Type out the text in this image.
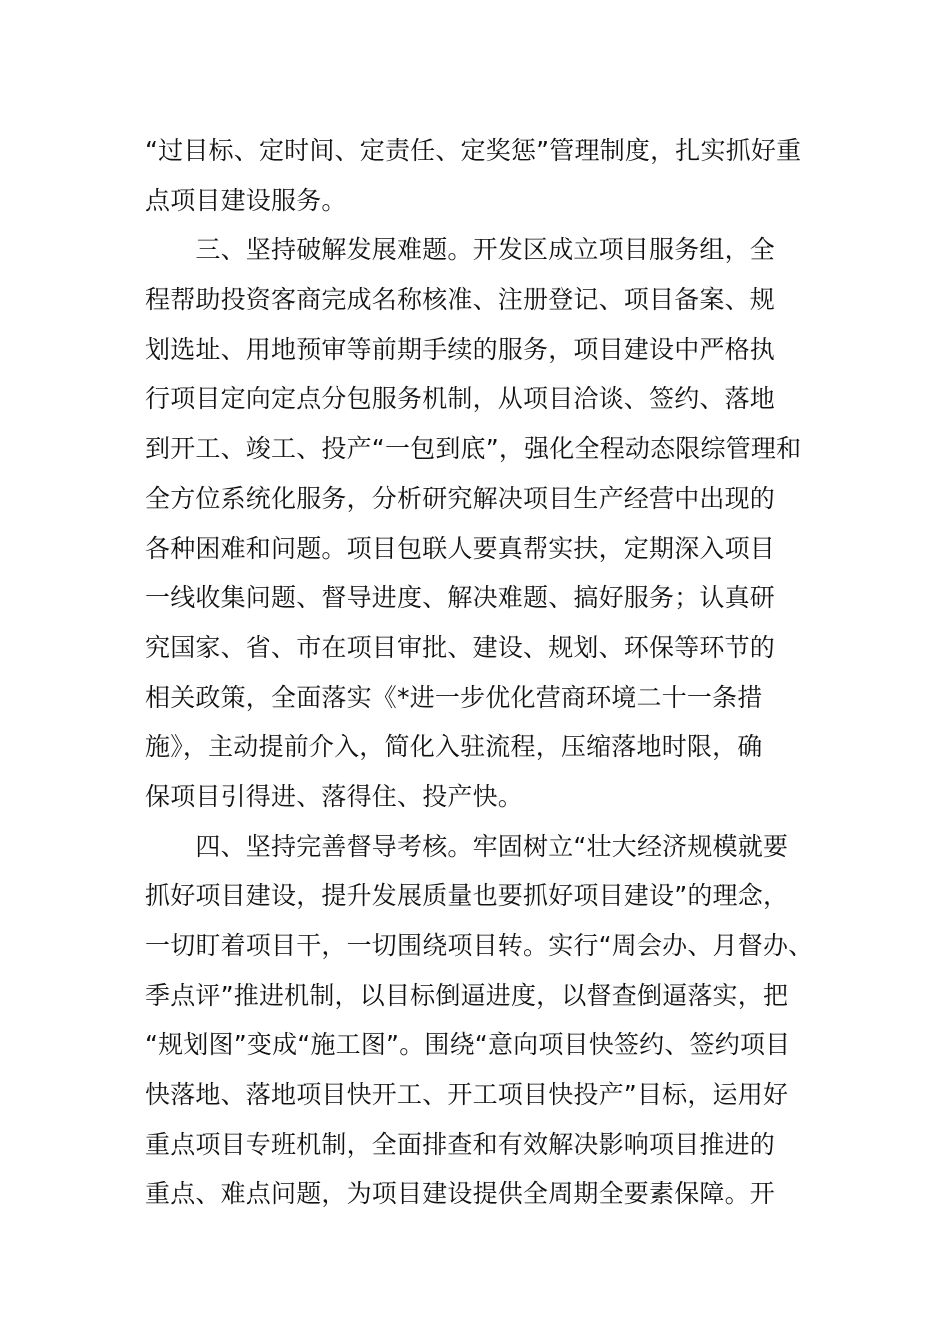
“过目标、定时间、定责任、定奖惩”管理制度，扎实抓好重
点项目建设服务。
　　三、坚持破解发展难题。开发区成立项目服务组，全
程帮助投资客商完成名称核准、注册登记、项目备案、规
划选址、用地预审等前期手续的服务，项目建设中严格执
行项目定向定点分包服务机制，从项目洽谈、签约、落地
到开工、竣工、投产“一包到底”，强化全程动态限综管理和
全方位系统化服务，分析研究解决项目生产经营中出现的
各种困难和问题。项目包联人要真帮实扶，定期深入项目
一线收集问题、督导进度、解决难题、搞好服务；认真研
究国家、省、市在项目审批、建设、规划、环保等环节的
相关政策，全面落实《*进一步优化营商环境二十一条措
施》，主动提前介入，简化入驻流程，压缩落地时限，确
保项目引得进、落得住、投产快。
　　四、坚持完善督导考核。牢固树立“壮大经济规模就要
抓好项目建设，提升发展质量也要抓好项目建设”的理念，
一切盯着项目干，一切围绕项目转。实行“周会办、月督办、
季点评”推进机制，以目标倒逼进度，以督查倒逼落实，把
“规划图”变成“施工图”。围绕“意向项目快签约、签约项目
快落地、落地项目快开工、开工项目快投产”目标，运用好
重点项目专班机制，全面排查和有效解决影响项目推进的
重点、难点问题，为项目建设提供全周期全要素保障。开
